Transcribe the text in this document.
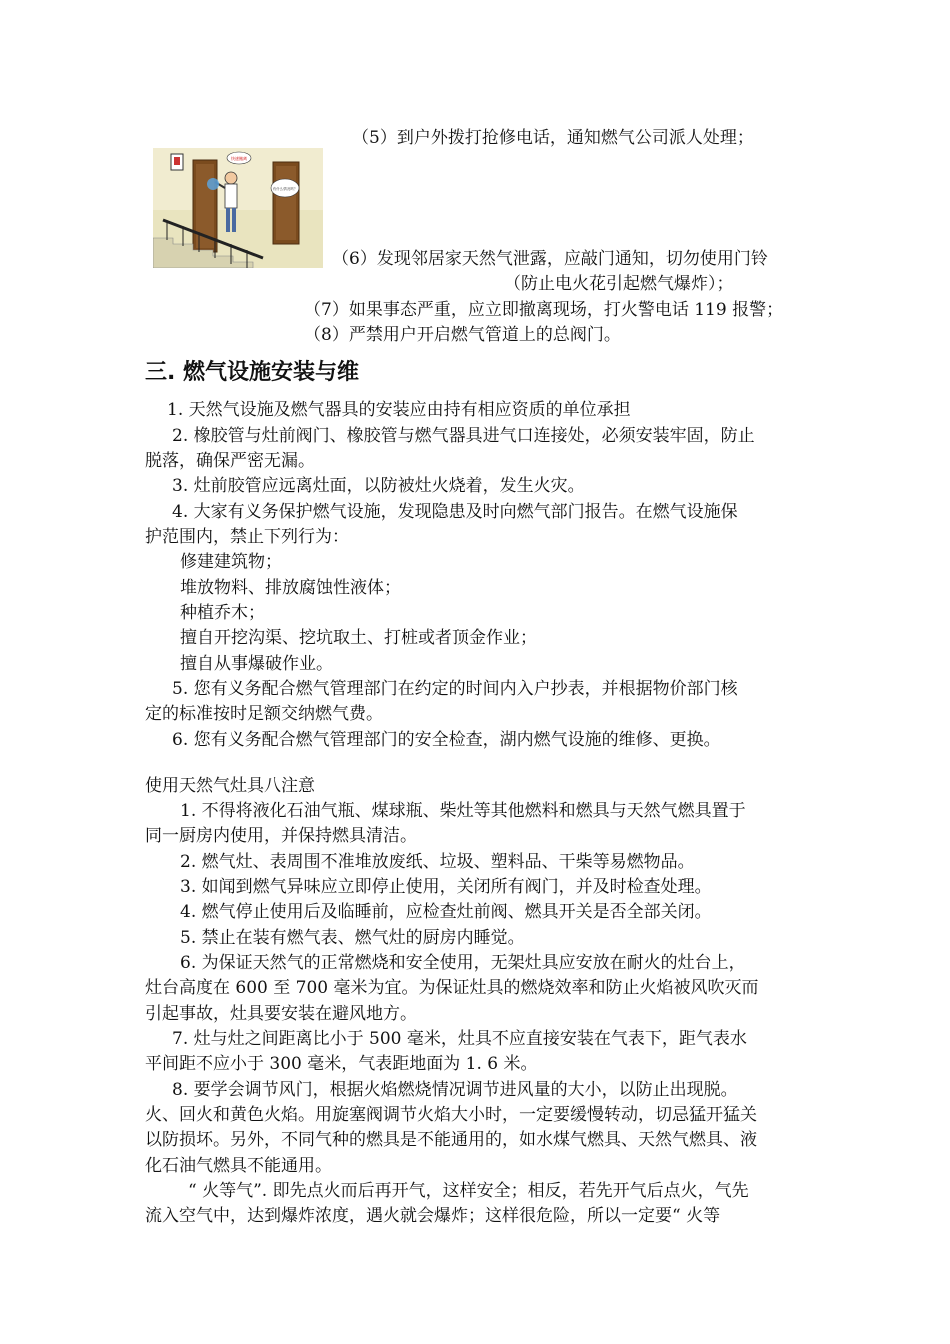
快速撤离
有什么情况吗？
（5）到户外拨打抢修电话，通知燃气公司派人处理；
（6）发现邻居家天然气泄露，应敲门通知，切勿使用门铃
（防止电火花引起燃气爆炸）；
（7）如果事态严重，应立即撤离现场，打火警电话 119 报警；
（8）严禁用户开启燃气管道上的总阀门。
三. 燃气设施安装与维
1. 天然气设施及燃气器具的安装应由持有相应资质的单位承担
2. 橡胶管与灶前阀门、橡胶管与燃气器具进气口连接处，必须安装牢固，防止
脱落，确保严密无漏。
3. 灶前胶管应远离灶面，以防被灶火烧着，发生火灾。
4. 大家有义务保护燃气设施，发现隐患及时向燃气部门报告。在燃气设施保
护范围内，禁止下列行为：
修建建筑物；
堆放物料、排放腐蚀性液体；
种植乔木；
擅自开挖沟渠、挖坑取土、打桩或者顶金作业；
擅自从事爆破作业。
5. 您有义务配合燃气管理部门在约定的时间内入户抄表，并根据物价部门核
定的标准按时足额交纳燃气费。
6. 您有义务配合燃气管理部门的安全检查，湖内燃气设施的维修、更换。
使用天然气灶具八注意
1. 不得将液化石油气瓶、煤球瓶、柴灶等其他燃料和燃具与天然气燃具置于
同一厨房内使用，并保持燃具清洁。
2. 燃气灶、表周围不准堆放废纸、垃圾、塑料品、干柴等易燃物品。
3. 如闻到燃气异味应立即停止使用，关闭所有阀门，并及时检查处理。
4. 燃气停止使用后及临睡前，应检查灶前阀、燃具开关是否全部关闭。
5. 禁止在装有燃气表、燃气灶的厨房内睡觉。
6. 为保证天然气的正常燃烧和安全使用，无架灶具应安放在耐火的灶台上，
灶台高度在 600 至 700 毫米为宜。为保证灶具的燃烧效率和防止火焰被风吹灭而
引起事故，灶具要安装在避风地方。
7. 灶与灶之间距离比小于 500 毫米，灶具不应直接安装在气表下，距气表水
平间距不应小于 300 毫米，气表距地面为 1. 6 米。
8. 要学会调节风门，根据火焰燃烧情况调节进风量的大小，以防止出现脱。
火、回火和黄色火焰。用旋塞阀调节火焰大小时，一定要缓慢转动，切忌猛开猛关
以防损坏。另外，不同气种的燃具是不能通用的，如水煤气燃具、天然气燃具、液
化石油气燃具不能通用。
“ 火等气”. 即先点火而后再开气，这样安全；相反，若先开气后点火，气先
流入空气中，达到爆炸浓度，遇火就会爆炸；这样很危险，所以一定要“ 火等
